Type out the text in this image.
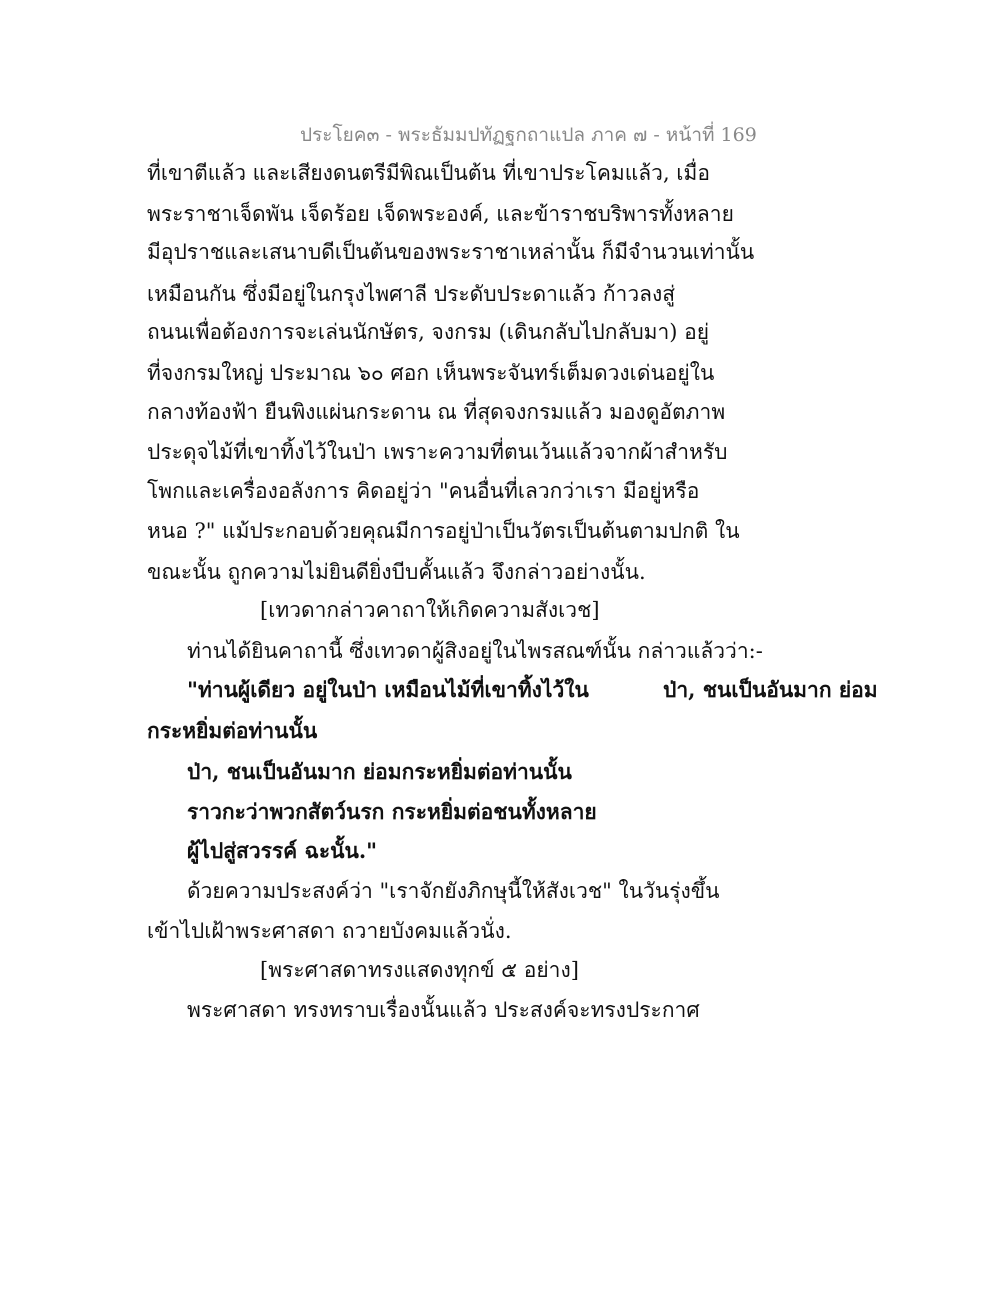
ประโยค๓ - พระธัมมปทัฏฐกถาแปล ภาค ๗ - หน้าที่ 169
ที่เขาตีแล้ว และเสียงดนตรีมีพิณเป็นต้น ที่เขาประโคมแล้ว, เมื่อ
พระราชาเจ็ดพัน เจ็ดร้อย เจ็ดพระองค์, และข้าราชบริพารทั้งหลาย
มีอุปราชและเสนาบดีเป็นต้นของพระราชาเหล่านั้น ก็มีจำนวนเท่านั้น
เหมือนกัน ซึ่งมีอยู่ในกรุงไพศาลี ประดับประดาแล้ว ก้าวลงสู่
ถนนเพื่อต้องการจะเล่นนักษัตร, จงกรม (เดินกลับไปกลับมา) อยู่
ที่จงกรมใหญ่ ประมาณ ๖๐ ศอก เห็นพระจันทร์เต็มดวงเด่นอยู่ใน
กลางท้องฟ้า ยืนพิงแผ่นกระดาน ณ ที่สุดจงกรมแล้ว มองดูอัตภาพ
ประดุจไม้ที่เขาทิ้งไว้ในป่า เพราะความที่ตนเว้นแล้วจากผ้าสำหรับ
โพกและเครื่องอลังการ คิดอยู่ว่า "คนอื่นที่เลวกว่าเรา มีอยู่หรือ
หนอ ?" แม้ประกอบด้วยคุณมีการอยู่ป่าเป็นวัตรเป็นต้นตามปกติ ใน
ขณะนั้น ถูกความไม่ยินดียิ่งบีบคั้นแล้ว จึงกล่าวอย่างนั้น.
[เทวดากล่าวคาถาให้เกิดความสังเวช]
ท่านได้ยินคาถานี้ ซึ่งเทวดาผู้สิงอยู่ในไพรสณฑ์นั้น กล่าวแล้วว่า:-
"ท่านผู้เดียว อยู่ในป่า เหมือนไม้ที่เขาทิ้งไว้ใน	ป่า, ชนเป็นอันมาก ย่อม
กระหยิ่มต่อท่านนั้น
ป่า, ชนเป็นอันมาก ย่อมกระหยิ่มต่อท่านนั้น
ราวกะว่าพวกสัตว์นรก กระหยิ่มต่อชนทั้งหลาย
ผู้ไปสู่สวรรค์ ฉะนั้น."
ด้วยความประสงค์ว่า "เราจักยังภิกษุนี้ให้สังเวช" ในวันรุ่งขึ้น
เข้าไปเฝ้าพระศาสดา ถวายบังคมแล้วนั่ง.
[พระศาสดาทรงแสดงทุกข์ ๕ อย่าง]
พระศาสดา ทรงทราบเรื่องนั้นแล้ว ประสงค์จะทรงประกาศ
